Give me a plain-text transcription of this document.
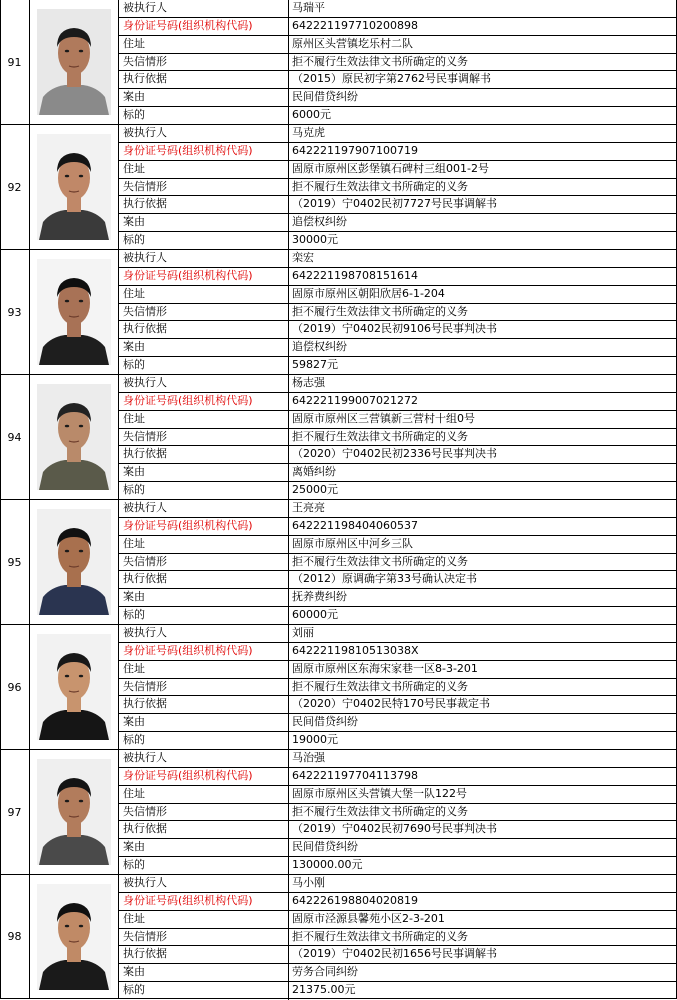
91
被执行人	马瑞平
身份证号码(组织机构代码)	642221197710200898
住址	原州区头营镇圪乐村二队
失信情形	拒不履行生效法律文书所确定的义务
执行依据	（2015）原民初字第2762号民事调解书
案由	民间借贷纠纷
标的	6000元
92
被执行人	马克虎
身份证号码(组织机构代码)	642221197907100719
住址	固原市原州区彭堡镇石碑村三组001-2号
失信情形	拒不履行生效法律文书所确定的义务
执行依据	（2019）宁0402民初7727号民事调解书
案由	追偿权纠纷
标的	30000元
93
被执行人	栾宏
身份证号码(组织机构代码)	642221198708151614
住址	固原市原州区朝阳欣居6-1-204
失信情形	拒不履行生效法律文书所确定的义务
执行依据	（2019）宁0402民初9106号民事判决书
案由	追偿权纠纷
标的	59827元
94
被执行人	杨志强
身份证号码(组织机构代码)	642221199007021272
住址	固原市原州区三营镇新三营村十组0号
失信情形	拒不履行生效法律文书所确定的义务
执行依据	（2020）宁0402民初2336号民事判决书
案由	离婚纠纷
标的	25000元
95
被执行人	王亮亮
身份证号码(组织机构代码)	642221198404060537
住址	固原市原州区中河乡三队
失信情形	拒不履行生效法律文书所确定的义务
执行依据	（2012）原调确字第33号确认决定书
案由	抚养费纠纷
标的	60000元
96
被执行人	刘丽
身份证号码(组织机构代码)	64222119810513038X
住址	固原市原州区东海宋家巷一区8-3-201
失信情形	拒不履行生效法律文书所确定的义务
执行依据	（2020）宁0402民特170号民事裁定书
案由	民间借贷纠纷
标的	19000元
97
被执行人	马治强
身份证号码(组织机构代码)	642221197704113798
住址	固原市原州区头营镇大堡一队122号
失信情形	拒不履行生效法律文书所确定的义务
执行依据	（2019）宁0402民初7690号民事判决书
案由	民间借贷纠纷
标的	130000.00元
98
被执行人	马小刚
身份证号码(组织机构代码)	642226198804020819
住址	固原市泾源县馨苑小区2-3-201
失信情形	拒不履行生效法律文书所确定的义务
执行依据	（2019）宁0402民初1656号民事调解书
案由	劳务合同纠纷
标的	21375.00元
